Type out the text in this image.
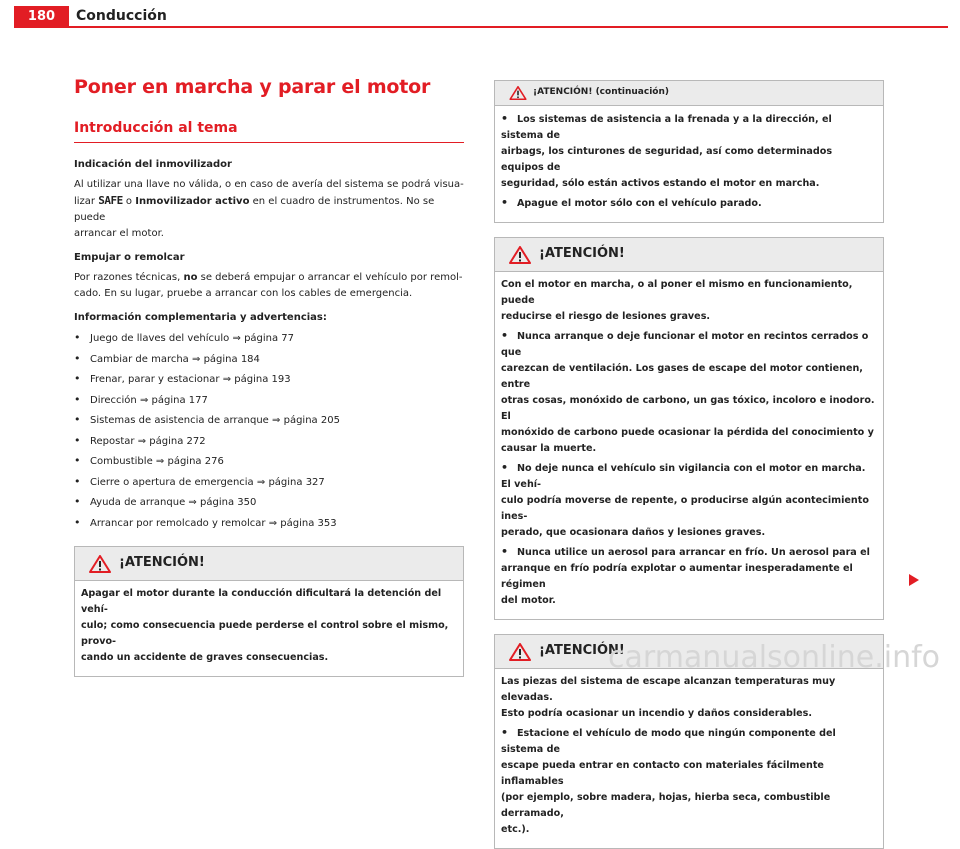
180	Conducción
Poner en marcha y parar el motor
Introducción al tema

Indicación del inmovilizador

Al utilizar una llave no válida, o en caso de avería del sistema se podrá visua-
lizar SAFE o Inmovilizador activo en el cuadro de instrumentos. No se puede
arrancar el motor.

Empujar o remolcar

Por razones técnicas, no se deberá empujar o arrancar el vehículo por remol-
cado. En su lugar, pruebe a arrancar con los cables de emergencia.

Información complementaria y advertencias:

• Juego de llaves del vehículo ⇒ página 77
• Cambiar de marcha ⇒ página 184
• Frenar, parar y estacionar ⇒ página 193
• Dirección ⇒ página 177
• Sistemas de asistencia de arranque ⇒ página 205
• Repostar ⇒ página 272
• Combustible ⇒ página 276
• Cierre o apertura de emergencia ⇒ página 327
• Ayuda de arranque ⇒ página 350
• Arrancar por remolcado y remolcar ⇒ página 353
¡ATENCIÓN!

Apagar el motor durante la conducción dificultará la detención del vehí-
culo; como consecuencia puede perderse el control sobre el mismo, provo-
cando un accidente de graves consecuencias.

¡ATENCIÓN! (continuación)

• Los sistemas de asistencia a la frenada y a la dirección, el sistema de
airbags, los cinturones de seguridad, así como determinados equipos de
seguridad, sólo están activos estando el motor en marcha.

• Apague el motor sólo con el vehículo parado.

¡ATENCIÓN!

Con el motor en marcha, o al poner el mismo en funcionamiento, puede
reducirse el riesgo de lesiones graves.

• Nunca arranque o deje funcionar el motor en recintos cerrados o que
carezcan de ventilación. Los gases de escape del motor contienen, entre
otras cosas, monóxido de carbono, un gas tóxico, incoloro e inodoro. El
monóxido de carbono puede ocasionar la pérdida del conocimiento y
causar la muerte.

• No deje nunca el vehículo sin vigilancia con el motor en marcha. El vehí-
culo podría moverse de repente, o producirse algún acontecimiento ines-
perado, que ocasionara daños y lesiones graves.

• Nunca utilice un aerosol para arrancar en frío. Un aerosol para el
arranque en frío podría explotar o aumentar inesperadamente el régimen
del motor.

¡ATENCIÓN!

Las piezas del sistema de escape alcanzan temperaturas muy elevadas.
Esto podría ocasionar un incendio y daños considerables.

• Estacione el vehículo de modo que ningún componente del sistema de
escape pueda entrar en contacto con materiales fácilmente inflamables
(por ejemplo, sobre madera, hojas, hierba seca, combustible derramado,
etc.).

carmanualsonline.info
